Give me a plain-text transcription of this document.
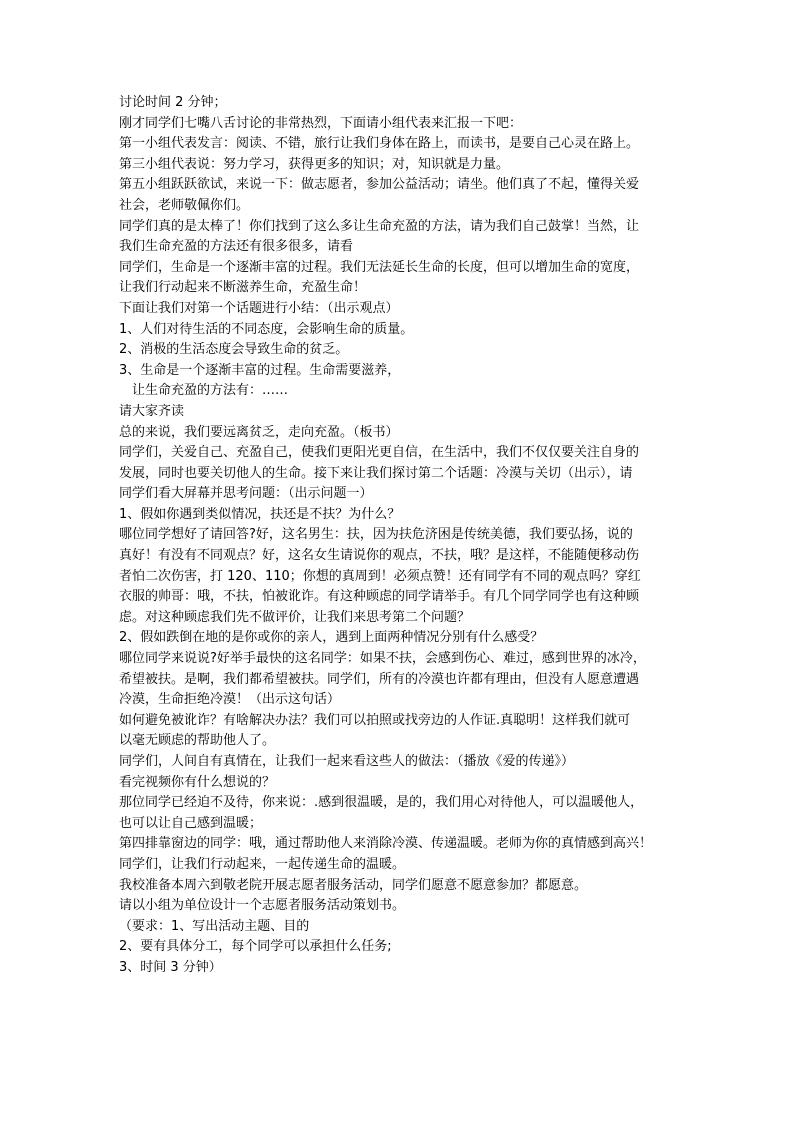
讨论时间 2 分钟；
刚才同学们七嘴八舌讨论的非常热烈，下面请小组代表来汇报一下吧：
第一小组代表发言：阅读、不错，旅行让我们身体在路上，而读书，是要自己心灵在路上。
第三小组代表说：努力学习，获得更多的知识；对，知识就是力量。
第五小组跃跃欲试，来说一下：做志愿者，参加公益活动；请坐。他们真了不起，懂得关爱
社会，老师敬佩你们。
同学们真的是太棒了！你们找到了这么多让生命充盈的方法，请为我们自己鼓掌！当然，让
我们生命充盈的方法还有很多很多，请看
同学们，生命是一个逐渐丰富的过程。我们无法延长生命的长度，但可以增加生命的宽度，
让我们行动起来不断滋养生命，充盈生命！
下面让我们对第一个话题进行小结：（出示观点）
1、人们对待生活的不同态度，会影响生命的质量。
2、消极的生活态度会导致生命的贫乏。
3、生命是一个逐渐丰富的过程。生命需要滋养，
让生命充盈的方法有：……
请大家齐读
总的来说，我们要远离贫乏，走向充盈。（板书）
同学们，关爱自己、充盈自己，使我们更阳光更自信，在生活中，我们不仅仅要关注自身的
发展，同时也要关切他人的生命。接下来让我们探讨第二个话题：冷漠与关切（出示），请
同学们看大屏幕并思考问题：（出示问题一）
1、假如你遇到类似情况，扶还是不扶？为什么？
哪位同学想好了请回答?好，这名男生：扶，因为扶危济困是传统美德，我们要弘扬，说的
真好！有没有不同观点？好，这名女生请说你的观点，不扶，哦？是这样，不能随便移动伤
者怕二次伤害，打 120、110；你想的真周到！必须点赞！还有同学有不同的观点吗？穿红
衣服的帅哥：哦，不扶，怕被讹诈。有这种顾虑的同学请举手。有几个同学同学也有这种顾
虑。对这种顾虑我们先不做评价，让我们来思考第二个问题？
2、假如跌倒在地的是你或你的亲人，遇到上面两种情况分别有什么感受？
哪位同学来说说?好举手最快的这名同学：如果不扶，会感到伤心、难过，感到世界的冰冷，
希望被扶。是啊，我们都希望被扶。同学们，所有的冷漠也许都有理由，但没有人愿意遭遇
冷漠，生命拒绝冷漠！（出示这句话）
如何避免被讹诈？有啥解决办法？我们可以拍照或找旁边的人作证.真聪明！这样我们就可
以毫无顾虑的帮助他人了。
同学们，人间自有真情在，让我们一起来看这些人的做法：（播放《爱的传递》）
看完视频你有什么想说的？
那位同学已经迫不及待，你来说：.感到很温暖，是的，我们用心对待他人，可以温暖他人，
也可以让自己感到温暖；
第四排靠窗边的同学：哦，通过帮助他人来消除冷漠、传递温暖。老师为你的真情感到高兴！
同学们，让我们行动起来，一起传递生命的温暖。
我校准备本周六到敬老院开展志愿者服务活动，同学们愿意不愿意参加？都愿意。
请以小组为单位设计一个志愿者服务活动策划书。
（要求：1、写出活动主题、目的
2、要有具体分工，每个同学可以承担什么任务;
3、时间 3 分钟）
